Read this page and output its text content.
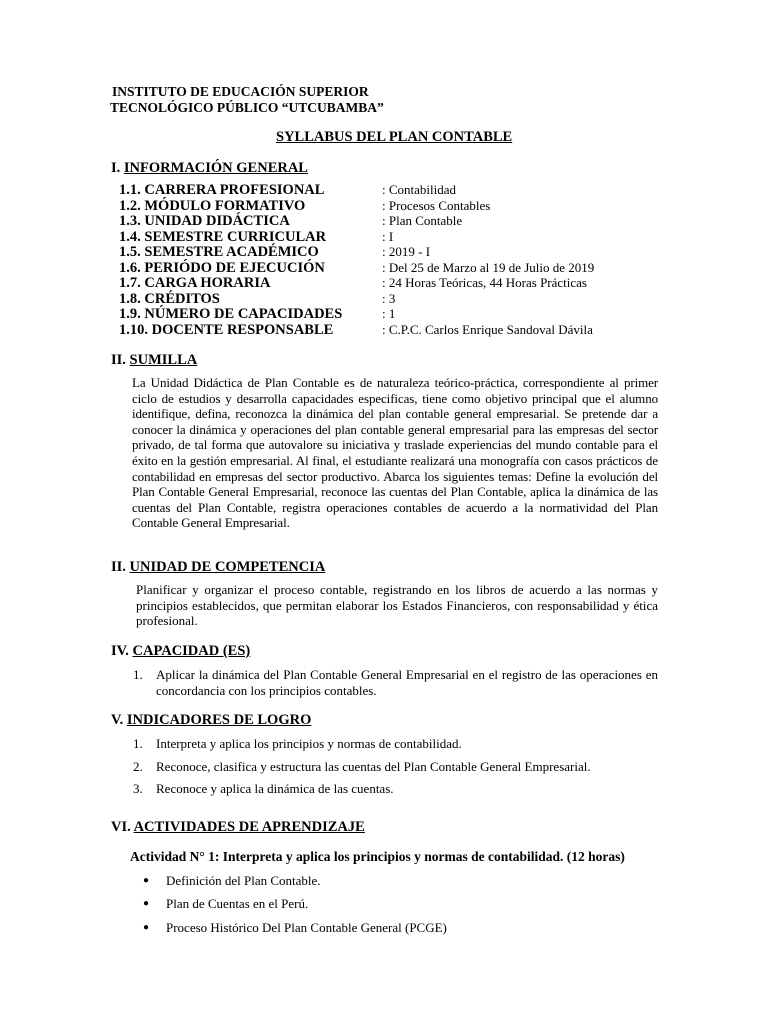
INSTITUTO DE EDUCACIÓN SUPERIOR
TECNOLÓGICO PÚBLICO “UTCUBAMBA”
SYLLABUS DEL PLAN CONTABLE
I. INFORMACIÓN GENERAL
1.1. CARRERA PROFESIONAL	: Contabilidad
1.2. MÓDULO FORMATIVO	: Procesos Contables
1.3. UNIDAD DIDÁCTICA	: Plan Contable
1.4. SEMESTRE CURRICULAR	: I
1.5. SEMESTRE ACADÉMICO	: 2019 - I
1.6. PERIÓDO DE EJECUCIÓN	: Del 25 de Marzo al 19 de Julio de 2019
1.7. CARGA HORARIA	: 24 Horas Teóricas, 44 Horas Prácticas
1.8. CRÉDITOS	: 3
1.9. NÚMERO DE CAPACIDADES	: 1
1.10. DOCENTE RESPONSABLE	: C.P.C. Carlos Enrique Sandoval Dávila
II. SUMILLA
La Unidad Didáctica de Plan Contable es de naturaleza teórico-práctica, correspondiente al primer ciclo de estudios y desarrolla capacidades especificas, tiene como objetivo principal que el alumno identifique, defina, reconozca la dinámica del plan contable general empresarial. Se pretende dar a conocer la dinámica y operaciones del plan contable general empresarial para las empresas del sector privado, de tal forma que autovalore su iniciativa y traslade experiencias del mundo contable para el éxito en la gestión empresarial. Al final, el estudiante realizará una monografía con casos prácticos de contabilidad en empresas del sector productivo. Abarca los siguientes temas: Define la evolución del Plan Contable General Empresarial, reconoce las cuentas del Plan Contable, aplica la dinámica de las cuentas del Plan Contable, registra operaciones contables de acuerdo a la normatividad del Plan Contable General Empresarial.
II. UNIDAD DE COMPETENCIA
Planificar y organizar el proceso contable, registrando en los libros de acuerdo a las normas y principios establecidos, que permitan elaborar los Estados Financieros, con responsabilidad y ética profesional.
IV. CAPACIDAD (ES)
1. Aplicar la dinámica del Plan Contable General Empresarial en el registro de las operaciones en concordancia con los principios contables.
V. INDICADORES DE LOGRO
1. Interpreta y aplica los principios y normas de contabilidad.
2. Reconoce, clasifica y estructura las cuentas del Plan Contable General Empresarial.
3. Reconoce y aplica la dinámica de las cuentas.
VI. ACTIVIDADES DE APRENDIZAJE
Actividad N° 1: Interpreta y aplica los principios y normas de contabilidad. (12 horas)
● Definición del Plan Contable.
● Plan de Cuentas en el Perú.
● Proceso Histórico Del Plan Contable General (PCGE)
